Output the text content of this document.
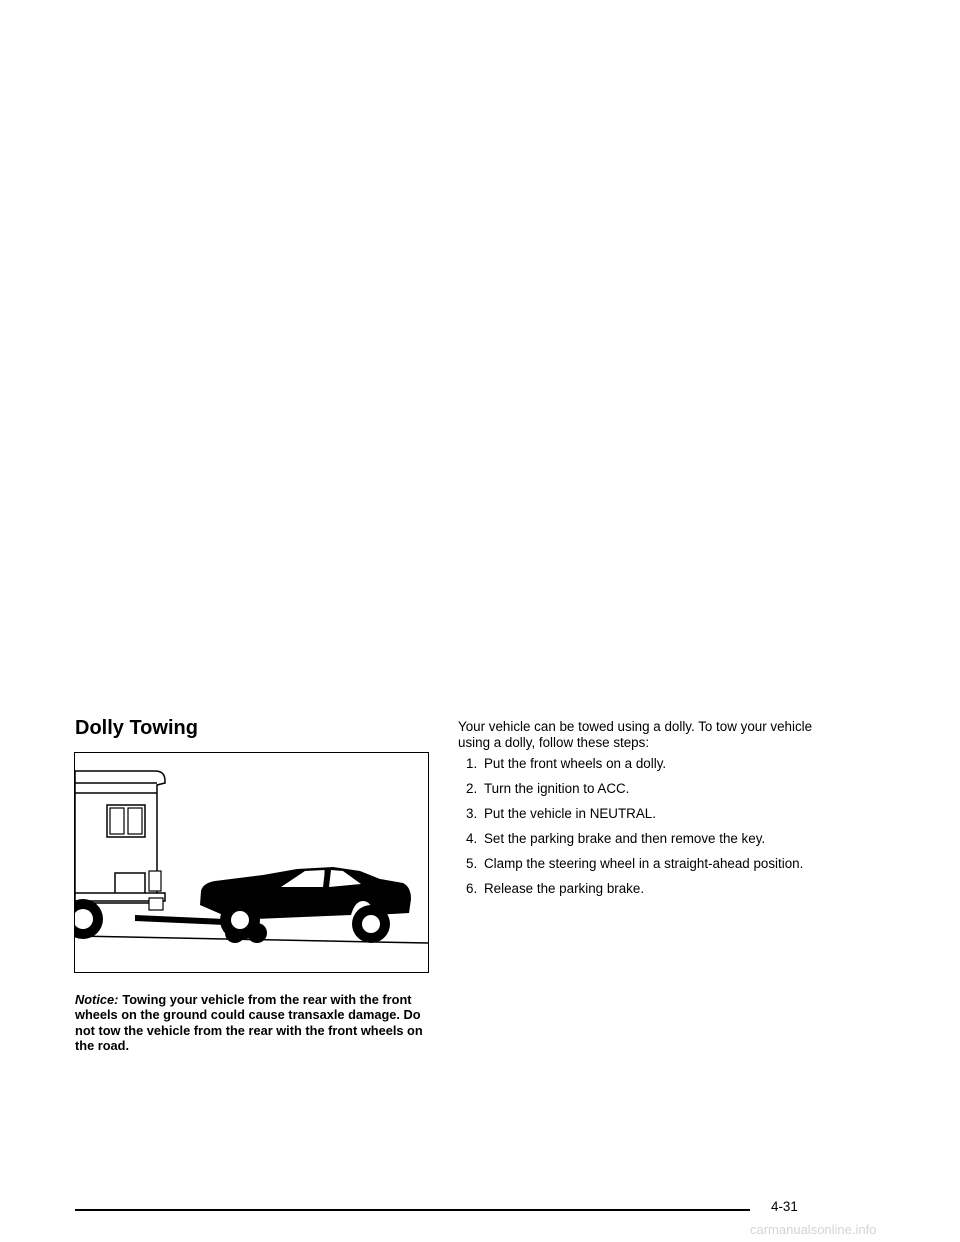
Dolly Towing

Notice: Towing your vehicle from the rear with the front wheels on the ground could cause transaxle damage. Do not tow the vehicle from the rear with the front wheels on the road.

Your vehicle can be towed using a dolly. To tow your vehicle using a dolly, follow these steps:

1. Put the front wheels on a dolly.
2. Turn the ignition to ACC.
3. Put the vehicle in NEUTRAL.
4. Set the parking brake and then remove the key.
5. Clamp the steering wheel in a straight-ahead position.
6. Release the parking brake.
4-31
carmanualsonline.info
